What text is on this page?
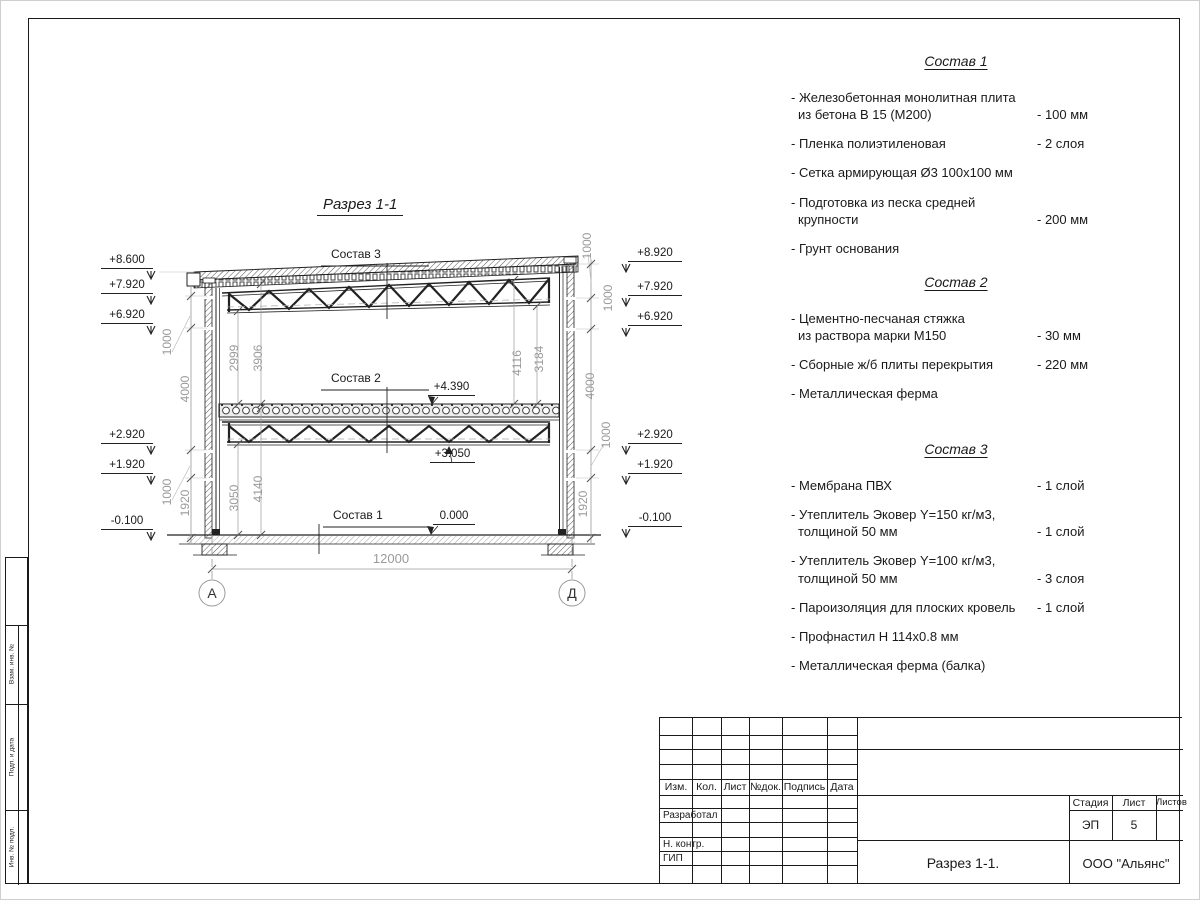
Разрез 1-1
Состав 3
Состав 2
Состав 1
+8.600
+7.920
+6.920
+2.920
+1.920
-0.100
+8.920
+7.920
+6.920
+2.920
+1.920
-0.100
+4.390
+3.050
0.000
1000
4000
1000 1920
1000
1000
4000
1000
1920
2999 3906	4116 3184
3050 4140
12000
А	Д
Состав 1
- Железобетонная монолитная плита
из бетона В 15 (М200)	- 100 мм
- Пленка полиэтиленовая	- 2 слоя
- Сетка армирующая Ø3 100х100 мм
- Подготовка из песка средней
крупности	- 200 мм
- Грунт основания
Состав 2
- Цементно-песчаная стяжка
из раствора марки М150	- 30 мм
- Сборные ж/б плиты перекрытия	- 220 мм
- Металлическая ферма
Состав 3
- Мембрана ПВХ	- 1 слой
- Утеплитель Эковер Y=150 кг/м3,
толщиной 50 мм	- 1 слой
- Утеплитель Эковер Y=100 кг/м3,
толщиной 50 мм	- 3 слоя
- Пароизоляция для плоских кровель	- 1 слой
- Профнастил Н 114х0.8 мм
- Металлическая ферма (балка)
Изм. Кол. Лист №док. Подпись Дата
Разработал
Н. контр.
ГИП
Стадия	Лист	Листов
ЭП	5
Разрез 1-1.	ООО "Альянс"
Взам. инв. №
Подп. и дата
Инв. № подл.
